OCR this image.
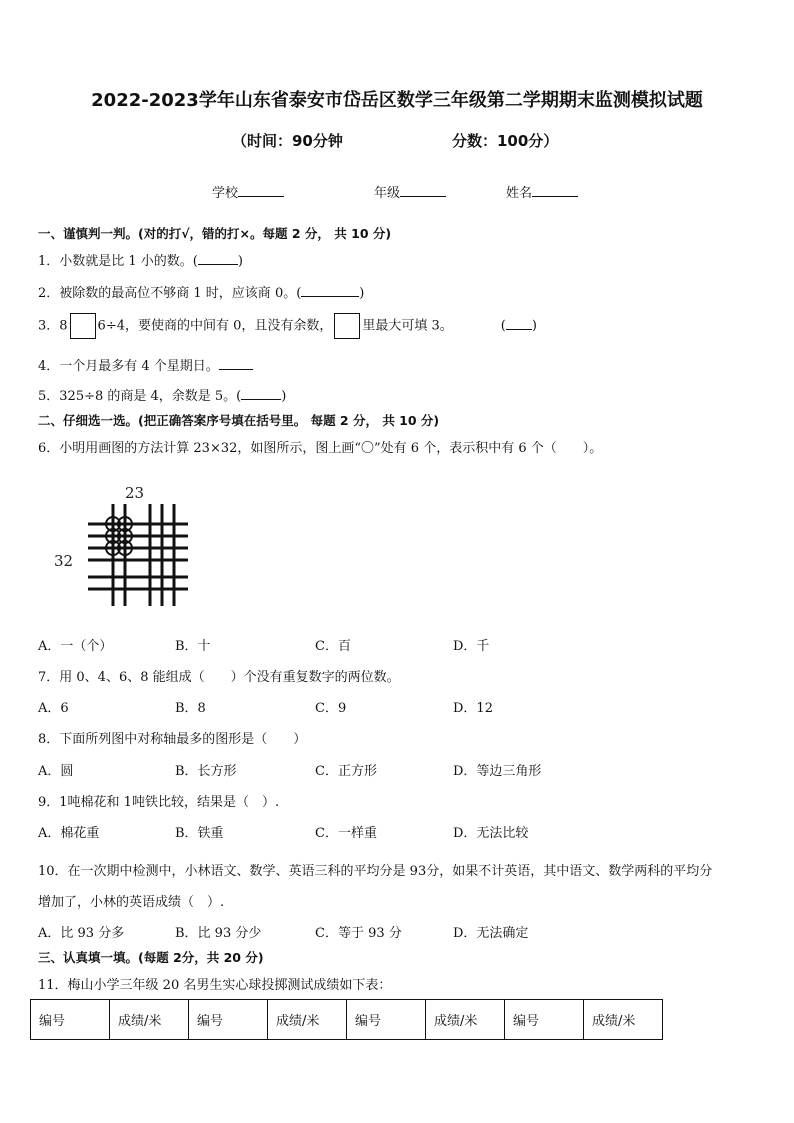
2022-2023学年山东省泰安市岱岳区数学三年级第二学期期末监测模拟试题
（时间：90分钟	分数：100分）
学校	年级	姓名
一、谨慎判一判。(对的打√，错的打×。每题 2 分， 共 10 分)
1．小数就是比 1 小的数。(	)
2．被除数的最高位不够商 1 时，应该商 0。(	)
3．8 6÷4，要使商的中间有 0，且没有余数， 里最大可填 3。	( )
4．一个月最多有 4 个星期日。
5．325÷8 的商是 4，余数是 5。(	)
二、仔细选一选。(把正确答案序号填在括号里。 每题 2 分， 共 10 分)
6．小明用画图的方法计算 23×32，如图所示，图上画“〇”处有 6 个，表示积中有 6 个（　　）。
23
32
A．一（个）	B．十	C．百	D．千
7．用 0、4、6、8 能组成（　　）个没有重复数字的两位数。
A．6	B．8	C．9	D．12
8．下面所列图中对称轴最多的图形是（　　）
A．圆	B．长方形	C．正方形	D．等边三角形
9．1吨棉花和 1吨铁比较，结果是（　）.
A．棉花重	B．铁重	C．一样重	D．无法比较
10．在一次期中检测中，小林语文、数学、英语三科的平均分是 93分，如果不计英语，其中语文、数学两科的平均分
增加了，小林的英语成绩（　）.
A．比 93 分多	B．比 93 分少	C．等于 93 分	D．无法确定
三、认真填一填。(每题 2分，共 20 分)
11．梅山小学三年级 20 名男生实心球投掷测试成绩如下表：
编号	成绩/米	编号	成绩/米	编号	成绩/米	编号	成绩/米
